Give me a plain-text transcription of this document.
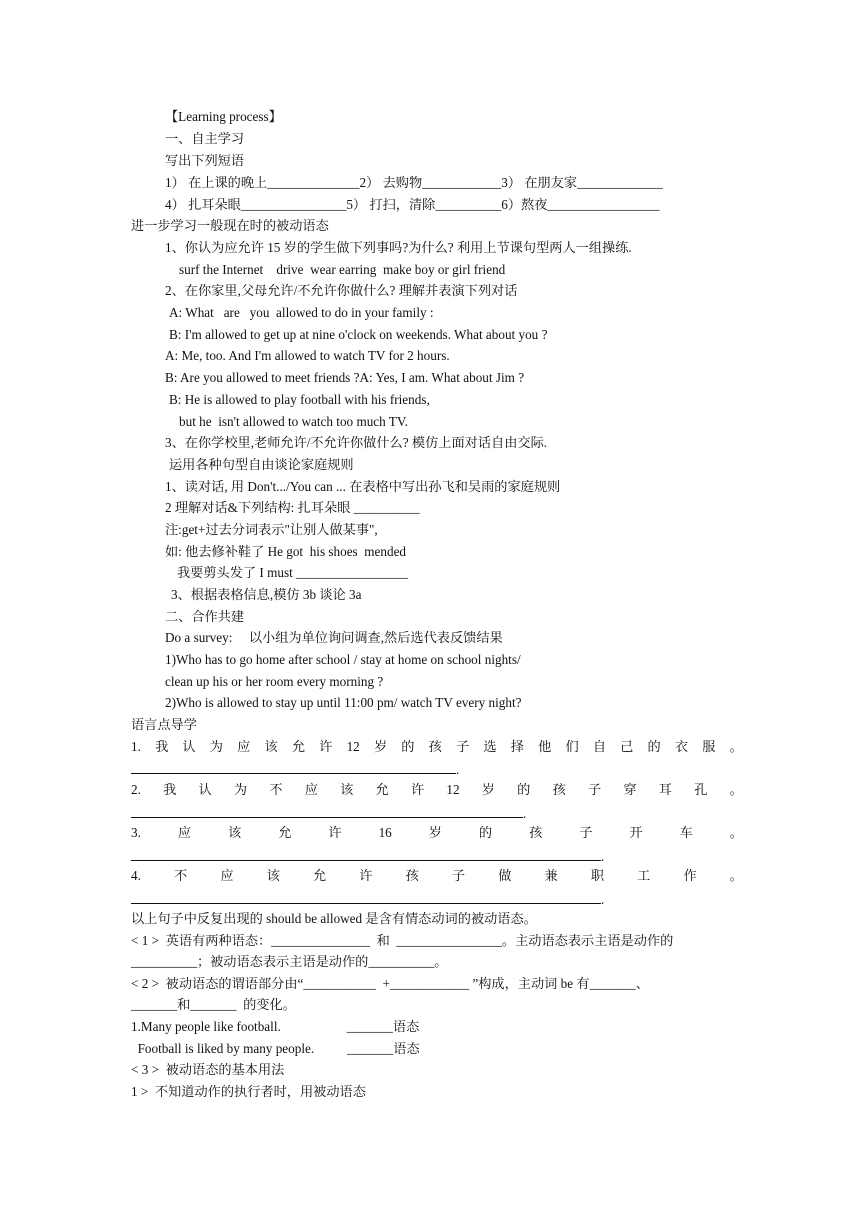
【Learning process】
一、自主学习
写出下列短语
1） 在上课的晚上______________2） 去购物____________3） 在朋友家_____________
4） 扎耳朵眼________________5） 打扫，清除__________6）熬夜_________________
进一步学习一般现在时的被动语态
1、你认为应允许 15 岁的学生做下列事吗?为什么? 利用上节课句型两人一组操练.
surf the Internet    drive  wear earring  make boy or girl friend
2、在你家里,父母允许/不允许你做什么? 理解并表演下列对话
A: What   are   you  allowed to do in your family :
B: I'm allowed to get up at nine o'clock on weekends. What about you ?
A: Me, too. And I'm allowed to watch TV for 2 hours.
B: Are you allowed to meet friends ?A: Yes, I am. What about Jim ?
B: He is allowed to play football with his friends,
but he  isn't allowed to watch too much TV.
3、在你学校里,老师允许/不允许你做什么? 模仿上面对话自由交际.
运用各种句型自由谈论家庭规则
1、读对话, 用 Don't.../You can ... 在表格中写出孙飞和吴雨的家庭规则
2 理解对话&下列结构: 扎耳朵眼 __________
注:get+过去分词表示"让别人做某事",
如: 他去修补鞋了 He got  his shoes  mended
我要剪头发了 I must _________________
3、根据表格信息,模仿 3b 谈论 3a
二、合作共建
Do a survey:     以小组为单位询问调查,然后选代表反馈结果
1)Who has to go home after school / stay at home on school nights/
clean up his or her room every morning ?
2)Who is allowed to stay up until 11:00 pm/ watch TV every night?
语言点导学
1. 我 认 为 应 该 允 许 12 岁 的 孩 子 选 择 他 们 自 己 的 衣 服 。
.
2. 我 认 为 不 应 该 允 许 12 岁 的 孩 子 穿 耳 孔 。
.
3.	应	该	允	许	16	岁	的	孩	子	开	车	。
.
4.	不	应	该	允	许	孩	子	做	兼	职	工	作	。
.
以上句子中反复出现的 should be allowed 是含有情态动词的被动语态。
< 1 >  英语有两种语态：_______________  和  ________________。主动语态表示主语是动作的
__________；被动语态表示主语是动作的__________。
< 2 >  被动语态的谓语部分由“___________  +____________ ”构成，主动词 be 有_______、
_______和_______  的变化。
1.Many people like football.                    _______语态
Football is liked by many people.          _______语态
< 3 >  被动语态的基本用法
1 >  不知道动作的执行者时，用被动语态
